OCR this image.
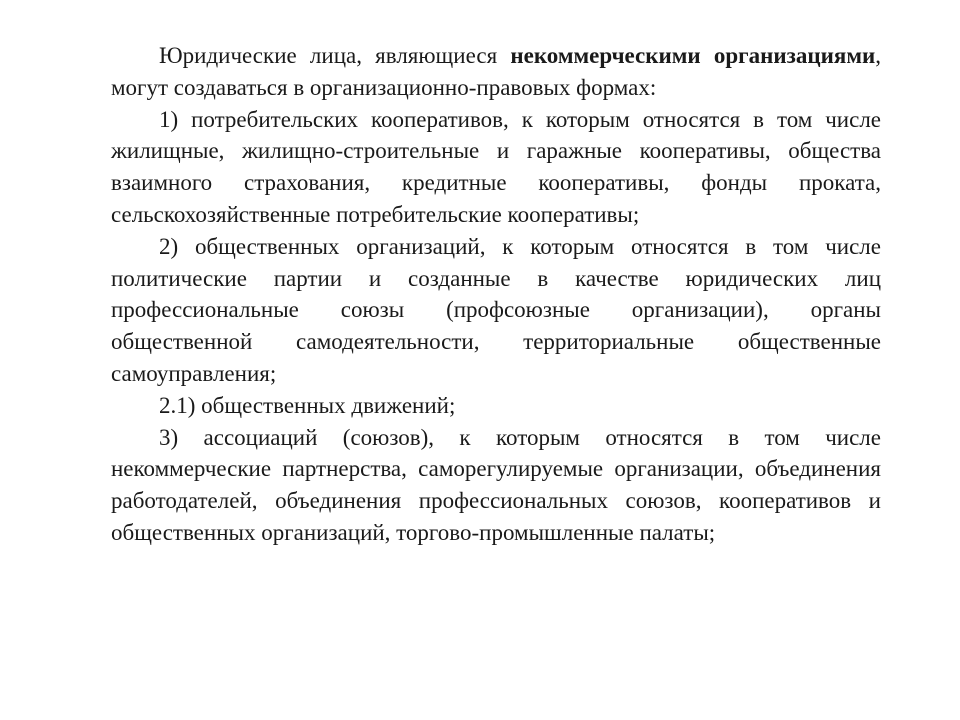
Юридические лица, являющиеся некоммерческими организациями, могут создаваться в организационно-правовых формах:

1) потребительских кооперативов, к которым относятся в том числе жилищные, жилищно-строительные и гаражные кооперативы, общества взаимного страхования, кредитные кооперативы, фонды проката, сельскохозяйственные потребительские кооперативы;

2) общественных организаций, к которым относятся в том числе политические партии и созданные в качестве юридических лиц профессиональные союзы (профсоюзные организации), органы общественной самодеятельности, территориальные общественные самоуправления;

2.1) общественных движений;

3) ассоциаций (союзов), к которым относятся в том числе некоммерческие партнерства, саморегулируемые организации, объединения работодателей, объединения профессиональных союзов, кооперативов и общественных организаций, торгово-промышленные палаты;
